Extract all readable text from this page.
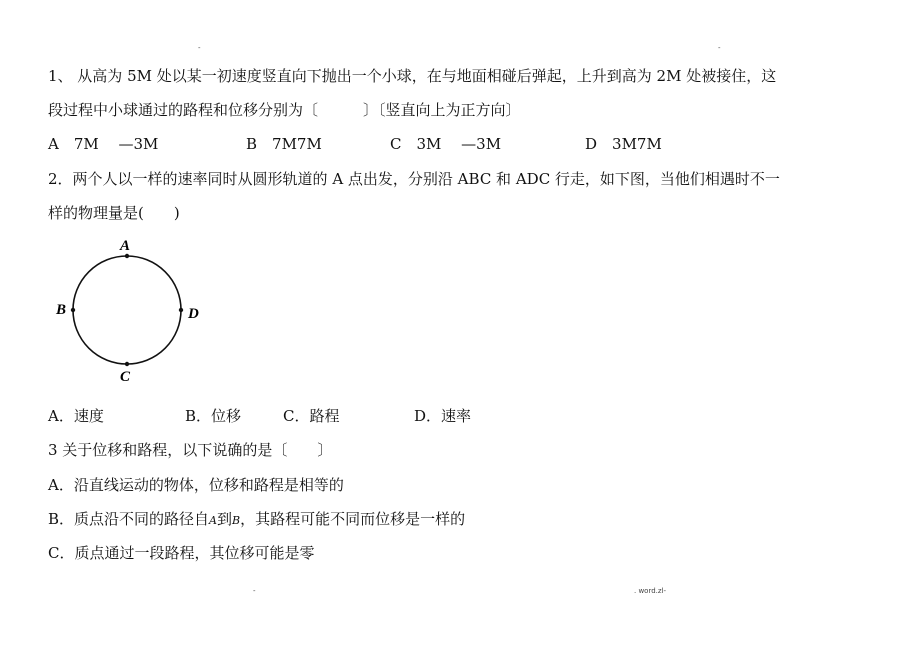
-	-
1、 从高为 5M 处以某一初速度竖直向下抛出一个小球，在与地面相碰后弹起，上升到高为 2M 处被接住，这
段过程中小球通过的路程和位移分别为〔　　　〕〔竖直向上为正方向〕
A　7M　 —3M	B　7M7M	C　3M　 —3M	D　3M7M
2．两个人以一样的速率同时从圆形轨道的 A 点出发，分别沿 ABC 和 ADC 行走，如下图，当他们相遇时不一
样的物理量是(　　)
A
B
C
D
A．速度	B．位移	C．路程	D．速率
3 关于位移和路程，以下说确的是〔　　〕
A．沿直线运动的物体，位移和路程是相等的
B．质点沿不同的路径自A到B，其路程可能不同而位移是一样的
C．质点通过一段路程，其位移可能是零
-	. word.zl-
